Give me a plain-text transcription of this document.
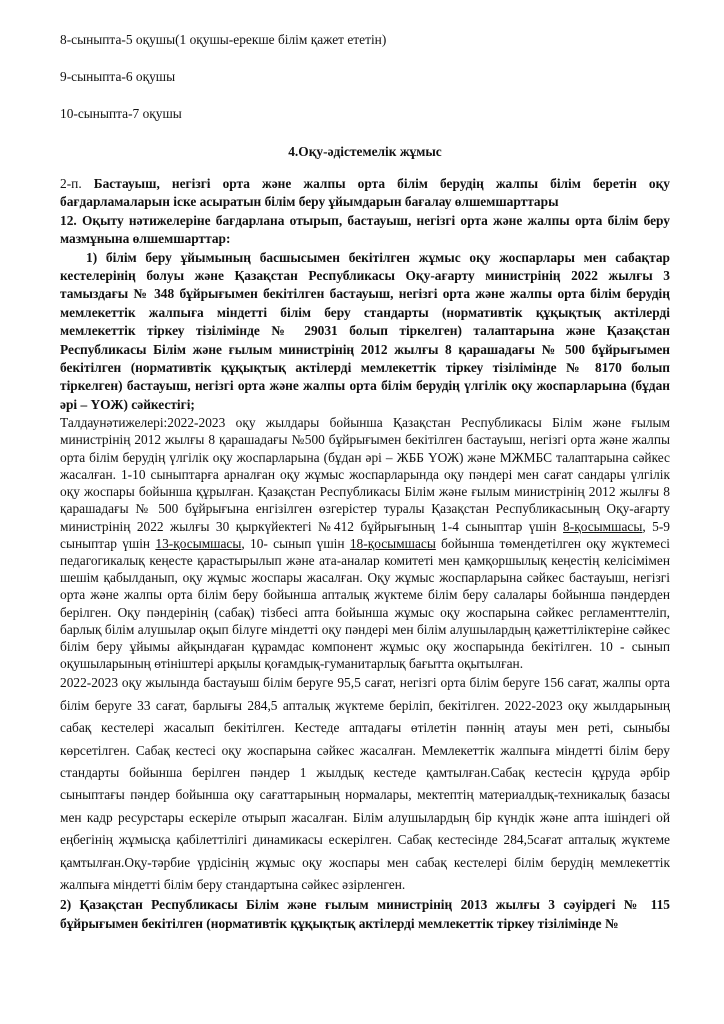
8-сыныпта-5 оқушы(1 оқушы-ерекше білім қажет ететін)

9-сыныпта-6 оқушы

10-сыныпта-7 оқушы

4.Оқу-әдістемелік жұмыс

2-п. Бастауыш, негізгі орта және жалпы орта білім берудің жалпы білім беретін оқу бағдарламаларын іске асыратын білім беру ұйымдарын бағалау өлшемшарттары

12. Оқыту нәтижелеріне бағдарлана отырып, бастауыш, негізгі орта және жалпы орта білім беру мазмұнына өлшемшарттар:

1) білім беру ұйымының басшысымен бекітілген жұмыс оқу жоспарлары мен сабақтар кестелерінің болуы және Қазақстан Республикасы Оқу-ағарту министрінің 2022 жылғы 3 тамыздағы № 348 бұйрығымен бекітілген бастауыш, негізгі орта және жалпы орта білім берудің мемлекеттік жалпыға міндетті білім беру стандарты (нормативтік құқықтық актілерді мемлекеттік тіркеу тізілімінде № 29031 болып тіркелген) талаптарына және Қазақстан Республикасы Білім және ғылым министрінің 2012 жылғы 8 қарашадағы № 500 бұйрығымен бекітілген (нормативтік құқықтық актілерді мемлекеттік тіркеу тізілімінде № 8170 болып тіркелген) бастауыш, негізгі орта және жалпы орта білім берудің үлгілік оқу жоспарларына (бұдан әрі – ҮОЖ) сәйкестігі;

Талдаунәтижелері:2022-2023 оқу жылдары бойынша Қазақстан Республикасы Білім және ғылым министрінің 2012 жылғы 8 қарашадағы №500 бұйрығымен бекітілген бастауыш, негізгі орта және жалпы орта білім берудің үлгілік оқу жоспарларына (бұдан әрі – ЖББ ҮОЖ) және МЖМБС талаптарына сәйкес жасалған. 1-10 сыныптарға арналған оқу жұмыс жоспарларында оқу пәндері мен сағат сандары үлгілік оқу жоспары бойынша құрылған. Қазақстан Республикасы Білім және ғылым министрінің 2012 жылғы 8 қарашадағы № 500 бұйрығына енгізілген өзгерістер туралы Қазақстан Республикасының Оқу-ағарту министрінің 2022 жылғы 30 қыркүйектегі №412 бұйрығының 1-4 сыныптар үшін 8-қосымшасы, 5-9 сыныптар үшін 13-қосымшасы, 10- сынып үшін 18-қосымшасы бойынша төмендетілген оқу жүктемесі педагогикалық кеңесте қарастырылып және ата-аналар комитеті мен қамқоршылық кеңестің келісімімен шешім қабылданып, оқу жұмыс жоспары жасалған. Оқу жұмыс жоспарларына сәйкес бастауыш, негізгі орта және жалпы орта білім беру бойынша апталық жүктеме білім беру салалары бойынша пәндерден берілген. Оқу пәндерінің (сабақ) тізбесі апта бойынша жұмыс оқу жоспарына сәйкес регламенттеліп, барлық білім алушылар оқып білуге міндетті оқу пәндері мен білім алушылардың қажеттіліктеріне сәйкес білім беру ұйымы айқындаған құрамдас компонент жұмыс оқу жоспарында бекітілген. 10 - сынып оқушыларының өтініштері арқылы қоғамдық-гуманитарлық бағытта оқытылған.

2022-2023 оқу жылында бастауыш білім беруге 95,5 сағат, негізгі орта білім беруге 156 сағат, жалпы орта білім беруге 33 сағат, барлығы 284,5 апталық жүктеме беріліп, бекітілген. 2022-2023 оқу жылдарының сабақ кестелері жасалып бекітілген. Кестеде аптадағы өтілетін пәннің атауы мен реті, сыныбы көрсетілген. Сабақ кестесі оқу жоспарына сәйкес жасалған. Мемлекеттік жалпыға міндетті білім беру стандарты бойынша берілген пәндер 1 жылдық кестеде қамтылған.Сабақ кестесін құруда әрбір сыныптағы пәндер бойынша оқу сағаттарының нормалары, мектептің материалдық-техникалық базасы мен кадр ресурстары ескеріле отырып жасалған. Білім алушылардың бір күндік және апта ішіндегі ой еңбегінің жұмысқа қабілеттілігі динамикасы ескерілген. Сабақ кестесінде 284,5сағат апталық жүктеме қамтылған.Оқу-тәрбие үрдісінің жұмыс оқу жоспары мен сабақ кестелері білім берудің мемлекеттік жалпыға міндетті білім беру стандартына сәйкес әзірленген.

2) Қазақстан Республикасы Білім және ғылым министрінің 2013 жылғы 3 сәуірдегі № 115 бұйрығымен бекітілген (нормативтік құқықтық актілерді мемлекеттік тіркеу тізілімінде №
